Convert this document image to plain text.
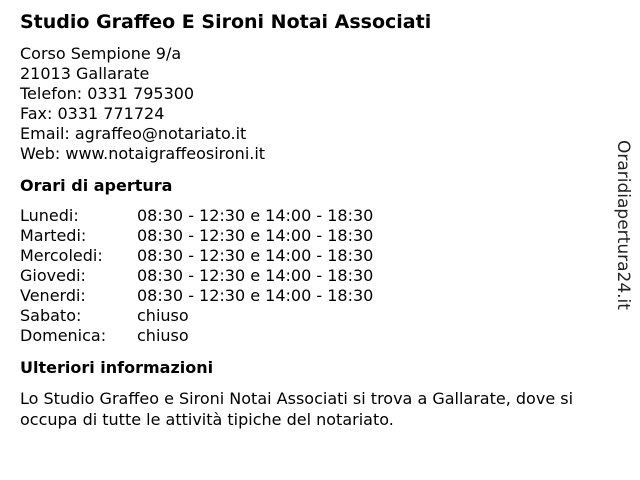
Studio Graffeo E Sironi Notai Associati
Corso Sempione 9/a
21013 Gallarate
Telefon: 0331 795300
Fax: 0331 771724
Email: agraffeo@notariato.it
Web: www.notaigraffeosironi.it
Orari di apertura
Lunedi:	08:30 - 12:30 e 14:00 - 18:30
Martedi:	08:30 - 12:30 e 14:00 - 18:30
Mercoledi:	08:30 - 12:30 e 14:00 - 18:30
Giovedi:	08:30 - 12:30 e 14:00 - 18:30
Venerdi:	08:30 - 12:30 e 14:00 - 18:30
Sabato:	chiuso
Domenica:	chiuso
Ulteriori informazioni
Lo Studio Graffeo e Sironi Notai Associati si trova a Gallarate, dove si occupa di tutte le attività tipiche del notariato.
Oraridiapertura24.it
